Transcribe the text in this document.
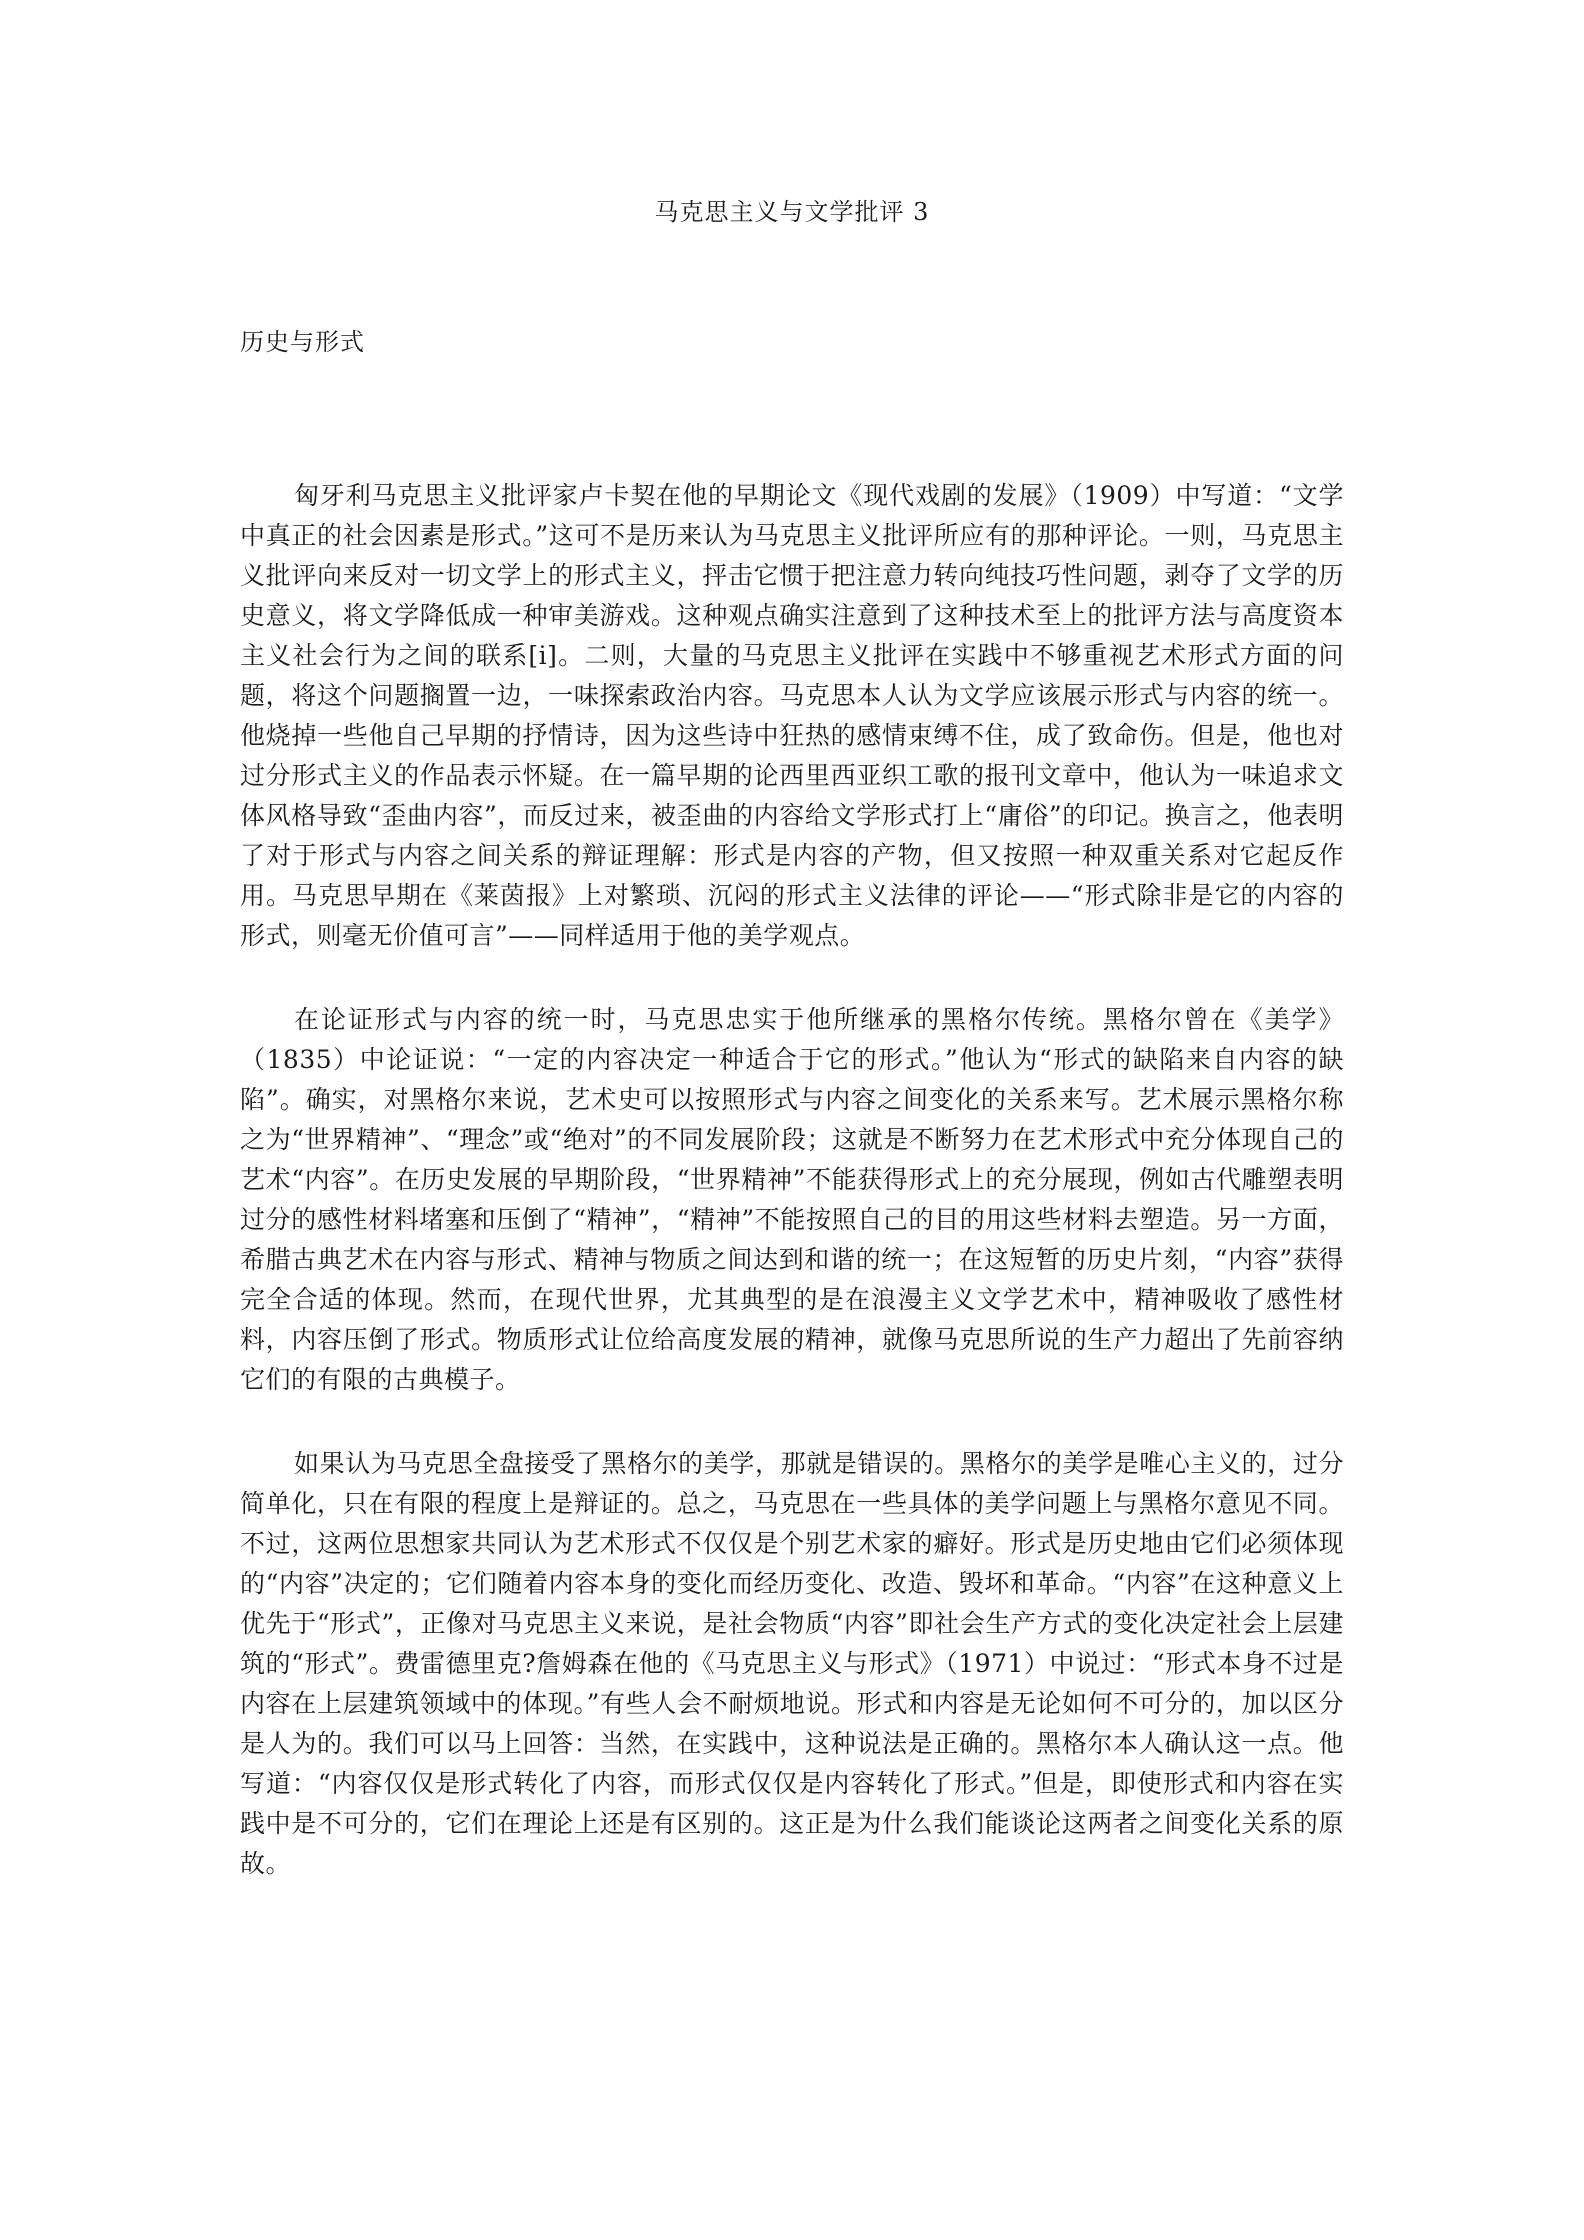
马克思主义与文学批评 3
历史与形式

匈牙利马克思主义批评家卢卡契在他的早期论文《现代戏剧的发展》（1909）中写道：“文学中真正的社会因素是形式。”这可不是历来认为马克思主义批评所应有的那种评论。一则，马克思主义批评向来反对一切文学上的形式主义，抨击它惯于把注意力转向纯技巧性问题，剥夺了文学的历史意义，将文学降低成一种审美游戏。这种观点确实注意到了这种技术至上的批评方法与高度资本主义社会行为之间的联系[i]。二则，大量的马克思主义批评在实践中不够重视艺术形式方面的问题，将这个问题搁置一边，一味探索政治内容。马克思本人认为文学应该展示形式与内容的统一。他烧掉一些他自己早期的抒情诗，因为这些诗中狂热的感情束缚不住，成了致命伤。但是，他也对过分形式主义的作品表示怀疑。在一篇早期的论西里西亚织工歌的报刊文章中，他认为一味追求文体风格导致“歪曲内容”，而反过来，被歪曲的内容给文学形式打上“庸俗”的印记。换言之，他表明了对于形式与内容之间关系的辩证理解：形式是内容的产物，但又按照一种双重关系对它起反作用。马克思早期在《莱茵报》上对繁琐、沉闷的形式主义法律的评论——“形式除非是它的内容的形式，则毫无价值可言”——同样适用于他的美学观点。

在论证形式与内容的统一时，马克思忠实于他所继承的黑格尔传统。黑格尔曾在《美学》（1835）中论证说：“一定的内容决定一种适合于它的形式。”他认为“形式的缺陷来自内容的缺陷”。确实，对黑格尔来说，艺术史可以按照形式与内容之间变化的关系来写。艺术展示黑格尔称之为“世界精神”、“理念”或“绝对”的不同发展阶段；这就是不断努力在艺术形式中充分体现自己的艺术“内容”。在历史发展的早期阶段，“世界精神”不能获得形式上的充分展现，例如古代雕塑表明过分的感性材料堵塞和压倒了“精神”，“精神”不能按照自己的目的用这些材料去塑造。另一方面，希腊古典艺术在内容与形式、精神与物质之间达到和谐的统一；在这短暂的历史片刻，“内容”获得完全合适的体现。然而，在现代世界，尤其典型的是在浪漫主义文学艺术中，精神吸收了感性材料，内容压倒了形式。物质形式让位给高度发展的精神，就像马克思所说的生产力超出了先前容纳它们的有限的古典模子。

如果认为马克思全盘接受了黑格尔的美学，那就是错误的。黑格尔的美学是唯心主义的，过分简单化，只在有限的程度上是辩证的。总之，马克思在一些具体的美学问题上与黑格尔意见不同。不过，这两位思想家共同认为艺术形式不仅仅是个别艺术家的癖好。形式是历史地由它们必须体现的“内容”决定的；它们随着内容本身的变化而经历变化、改造、毁坏和革命。“内容”在这种意义上优先于“形式”，正像对马克思主义来说，是社会物质“内容”即社会生产方式的变化决定社会上层建筑的“形式”。费雷德里克?詹姆森在他的《马克思主义与形式》（1971）中说过：“形式本身不过是内容在上层建筑领域中的体现。”有些人会不耐烦地说。形式和内容是无论如何不可分的，加以区分是人为的。我们可以马上回答：当然，在实践中，这种说法是正确的。黑格尔本人确认这一点。他写道：“内容仅仅是形式转化了内容，而形式仅仅是内容转化了形式。”但是，即使形式和内容在实践中是不可分的，它们在理论上还是有区别的。这正是为什么我们能谈论这两者之间变化关系的原故。
